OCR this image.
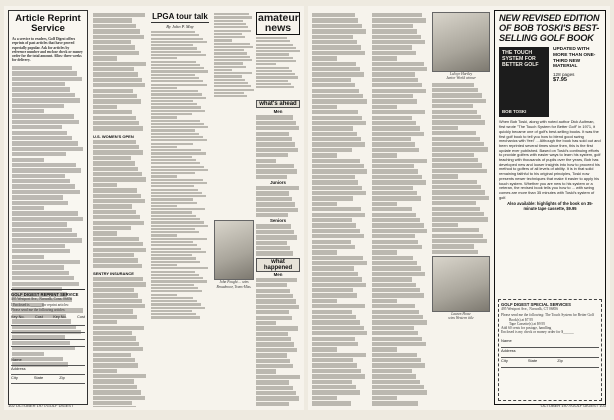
Article Reprint Service
As a service to readers, Golf Digest offers reprints of past articles that have proved especially popular. Ask for articles by reference number and enclose check or money order for the total amount. Allow three weeks for delivery.
GOLF DIGEST REPRINT SERVICE
495 Westport Ave., Norwalk, Conn. 06856
I Enclosed is ______ for reprint articles:
Please send me the following articles:
Key No.	Cost	Key No.	Cost
Name
Address
City	State	Zip
U.S. WOMEN'S OPEN
SENTRY INSURANCE
LPGA tour talk
By John P. May
amateur news
John Fought ... wins Broadmoor, Trans-Miss.
what's ahead
Men
Juniors
Seniors
what happened
Men
102 OCTOBER 1977/GOLF DIGEST
LaJoye Hartley
Junior World winner
Lauren Howe
wins Western title
NEW REVISED EDITION OF BOB TOSKI'S BEST-SELLING GOLF BOOK
THE TOUCH SYSTEM FOR BETTER GOLF
BOB TOSKI
UPDATED WITH MORE THAN ONE-THIRD NEW MATERIAL
128 pages
$7.95
When Bob Toski, along with noted author Dick Aultman, first wrote "The Touch System for Better Golf" in 1971, it quickly became one of golf's best-selling books. It was the first golf book to tell you how to blend good swing mechanics with 'feel' ... Although the book has sold out and been reprinted several times since then, this is the first update ever published. Based on Toski's continuing efforts to provide golfers with easier ways to learn his system, golf teaching with thousands of pupils over the years, Bob has developed new and looser insights into how to proceed his method to golfers of all levels of ability. It is in that solid remaining faithful to his original principles, Toski now presents newer techniques that make it easier to apply his touch system. Whether you are new to his system or a veteran, the revised book tells you how to ... with swing comes are more than 35 minutes with Toski's system of golf.
Also available: highlights of the book on 35-minute tape cassette, $9.95
GOLF DIGEST SPECIAL SERVICES
495 Westport Ave., Norwalk, CT 06856
Please send me the following: The Touch System for Better Golf
Book(s) at $7.95
Tape Cassette(s) at $9.95
Add 60 cents for postage, handling
Enclosed is my check or money order for $______
Name
Address
City	State	Zip
OCTOBER 1977/GOLF DIGEST 103
